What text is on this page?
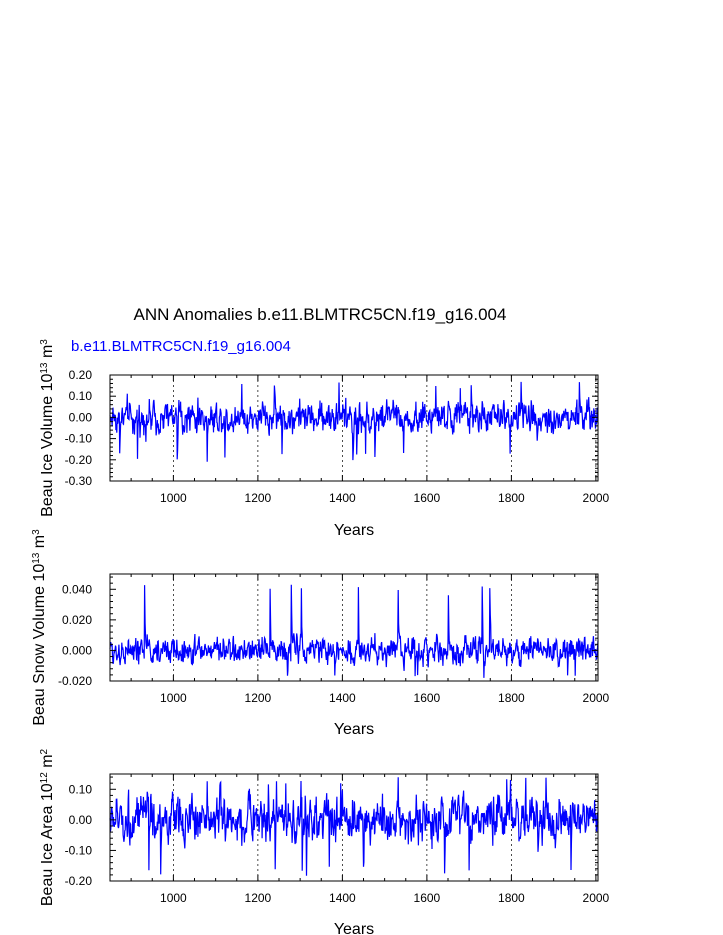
ANN Anomalies b.e11.BLMTRC5CN.f19_g16.004
b.e11.BLMTRC5CN.f19_g16.004
1000	1200	1400	1600	1800	2000
0.20
0.10
0.00
-0.10
-0.20
-0.30
Years
Beau Ice Volume $10^{13}$ $m^3$
1000	1200	1400	1600	1800	2000
0.040
0.020
0.000
-0.020
Years
Beau Snow Volume $10^{13}$ $m^3$
1000	1200	1400	1600	1800	2000
0.10
0.00
-0.10
-0.20
Years
Beau Ice Area $10^{12}$ $m^2$
